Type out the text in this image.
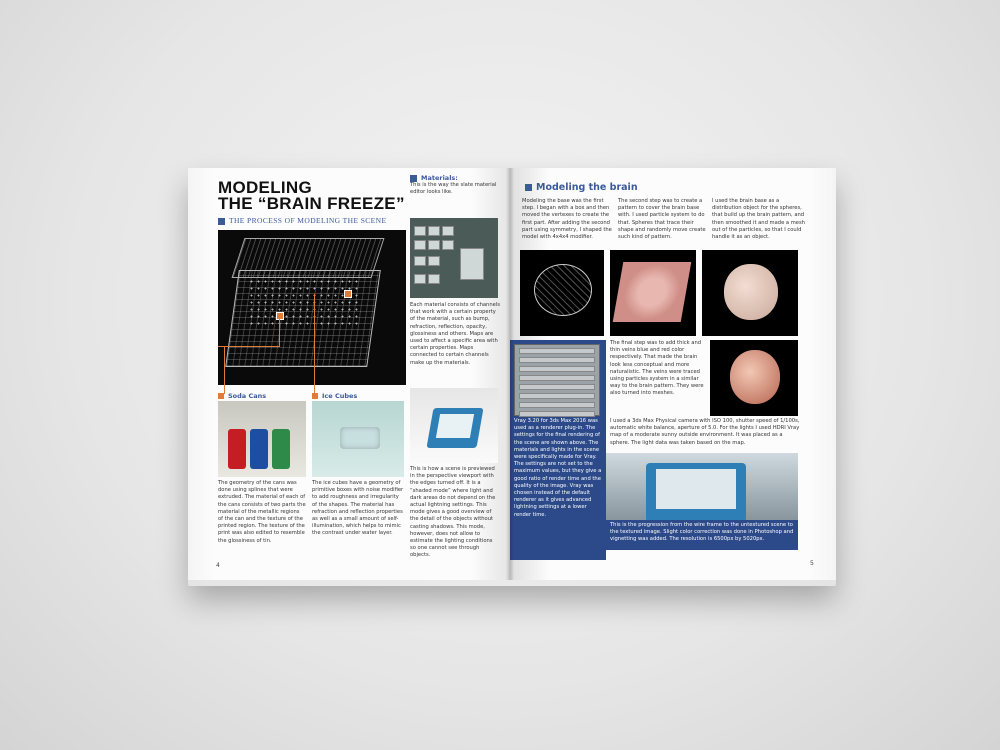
MODELING
THE “BRAIN FREEZE”
THE PROCESS OF MODELING THE SCENE
Soda Cans	Ice Cubes
The geometry of the cans was done using splines that were extruded. The material of each of the cans consists of two parts the material of the metallic regions of the can and the texture of the printed region. The texture of the print was also edited to resemble the glossiness of tin.
The ice cubes have a geometry of primitive boxes with noise modifier to add roughness and irregularity of the shapes. The material has refraction and reflection properties as well as a small amount of self-illumination, which helps to mimic the contrast under water layer.
Materials:
This is the way the slate material editor looks like.
Each material consists of channels that work with a certain property of the material, such as bump, refraction, reflection, opacity, glossiness and others. Maps are used to affect a specific area with certain properties. Maps connected to certain channels make up the materials.
This is how a scene is previewed in the perspective viewport with the edges turned off. It is a “shaded mode” where light and dark areas do not depend on the actual lightning settings. This mode gives a good overview of the detail of the objects without casting shadows. This mode, however, does not allow to estimate the lighting conditions so one cannot see through objects.
4
Modeling the brain
Modeling the base was the first step. I began with a box and then moved the vertexes to create the first part. After adding the second part using symmetry, I shaped the model with 4x4x4 modifier.
The second step was to create a pattern to cover the brain base with. I used particle system to do that. Spheres that trace their shape and randomly move create such kind of pattern.
I used the brain base as a distribution object for the spheres, that build up the brain pattern, and then smoothed it and made a mesh out of the particles, so that I could handle it as an object.
Vray 3.20 for 3ds Max 2016 was used as a renderer plug-in. The settings for the final rendering of the scene are shown above. The materials and lights in the scene were specifically made for Vray. The settings are not set to the maximum values, but they give a good ratio of render time and the quality of the image. Vray was chosen instead of the default renderer as it gives advanced lightning settings at a lower render time.
The final step was to add thick and thin veins blue and red color respectively. That made the brain look less conceptual and more naturalistic. The veins were traced using particles system in a similar way to the brain pattern. They were also turned into meshes.
I used a 3ds Max Physical camera with ISO 100, shutter speed of 1/100s, automatic white balance, aperture of 5.0. For the lights I used HDRI Vray map of a moderate sunny outside environment. It was placed as a sphere. The light data was taken based on the map.
This is the progression from the wire frame to the untextured scene to the textured image. Slight color correction was done in Photoshop and vignetting was added. The resolution is 6500px by 5020px.
5
